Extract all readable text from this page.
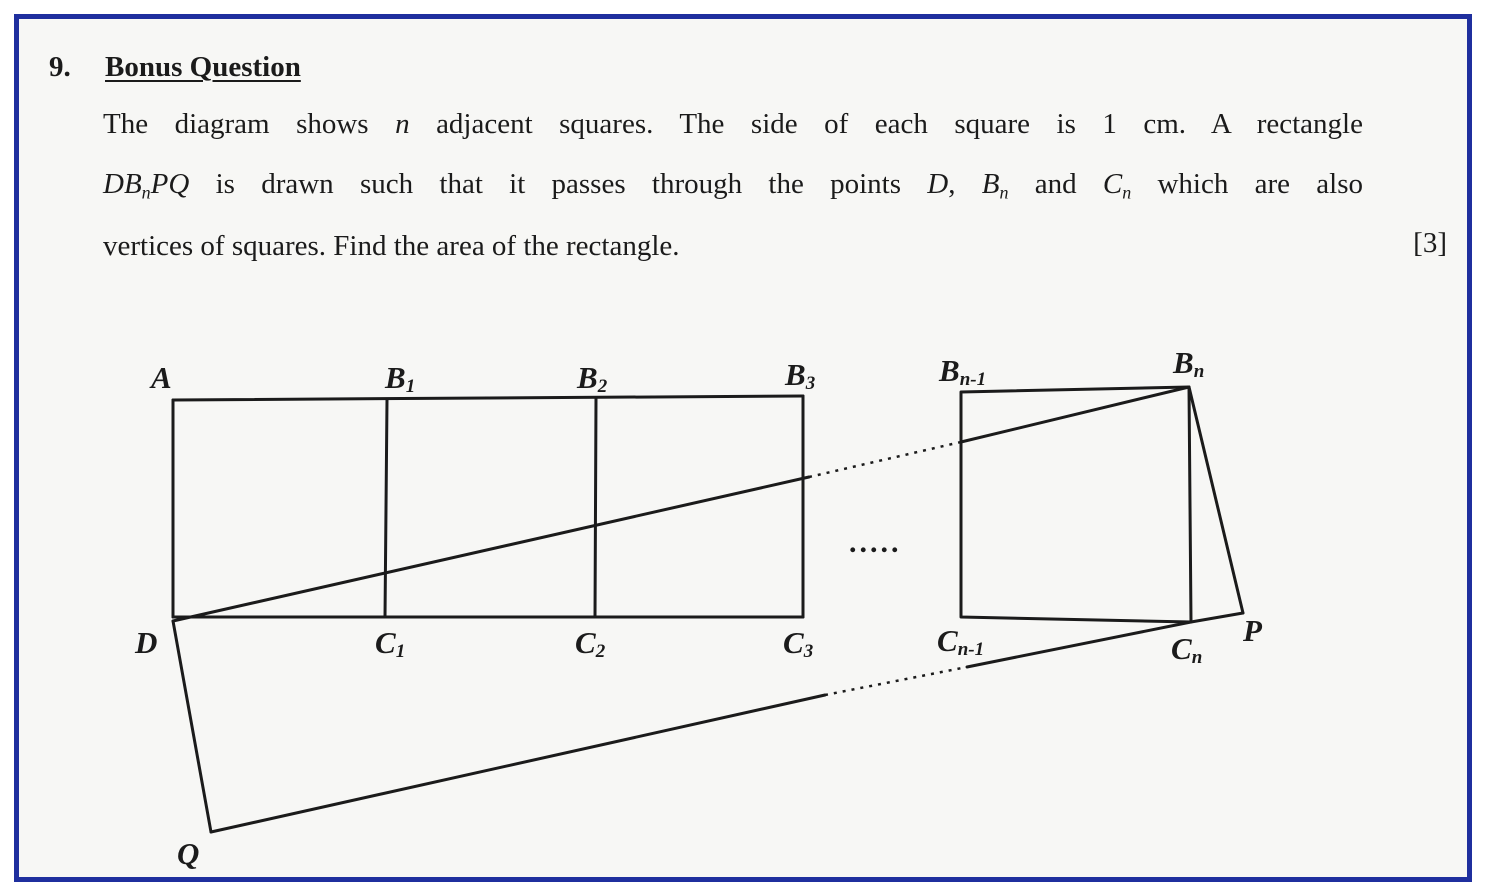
9. Bonus Question
The diagram shows n adjacent squares. The side of each square is 1 cm. A rectangle
$DB_nPQ$ is drawn such that it passes through the points D, $B_n$ and $C_n$ which are also
vertices of squares. Find the area of the rectangle.	[3]
.....
A
D
B1	B2	B3	Bn-1	Bn
C1	C2	C3	Cn-1	Cn
P
Q
